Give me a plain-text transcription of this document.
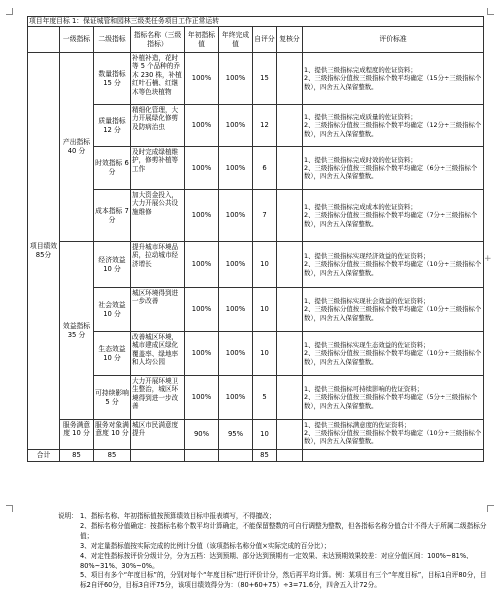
+
项目年度目标 1：保证城管和园林三级类任务项目工作正常运转								
	一级指标	二级指标	指标名称（三级指标）	年初指标值	年终完成值	自评分	复核分	评价标准
项目绩效85分	产出指标 40 分	数量指标 15 分	补植补造，花时等 5 个品种的乔木 230 株，补植红叶石楠、红继木等色块植物	100%	100%	15		1、提供三级指标完成程度的佐证资料；
2、三级指标分值按三级指标个数平均确定（15分÷三级指标个数），四舍五入保留整数。

		质量指标 12 分	精细化管理，大力开展绿化修剪及防病治虫	100%	100%	12		1、提供三级指标完成质量的佐证资料；
2、三级指标分值按三级指标个数平均确定（12分÷三级指标个数），四舍五入保留整数。

		时效指标 6 分	及时完成绿植维护，修剪补植等工作	100%	100%	6		1、提供三级指标完成时效的佐证资料；
2、三级指标分值按三级指标个数平均确定（6分÷三级指标个数），四舍五入保留整数。

		成本指标 7 分	加大资金投入，大力开展公共设施维修	100%	100%	7		1、提供三级指标完成成本的佐证资料；
2、三级指标分值按三级指标个数平均确定（7分÷三级指标个数），四舍五入保留整数。

	效益指标 35 分	经济效益 10 分	提升城市环境品质，拉动城市经济增长	100%	100%	10		1、提供三级指标实现经济效益的佐证资料；
2、三级指标分值按三级指标个数平均确定（10分÷三级指标个数），四舍五入保留整数。

		社会效益 10 分	城区环境得到进一步改善	100%	100%	10		1、提供三级指标实现社会效益的佐证资料；
2、三级指标分值按三级指标个数平均确定（10分÷三级指标个数），四舍五入保留整数。

		生态效益 10 分	改善城区环境，城市建成区绿化覆盖率、绿地率和人均公园	100%	100%	10		1、提供三级指标实现生态效益的佐证资料；
2、三级指标分值按三级指标个数平均确定（10分÷三级指标个数），四舍五入保留整数。

		可持续影响 5 分	大力开展环境卫生整治，城区环境得到进一步改善	100%	100%	5		1、提供三级指标可持续影响的佐证资料；
2、三级指标分值按三级指标个数平均确定（5分÷三级指标个数），四舍五入保留整数。

	服务满意度 10 分	服务对象满意度 10 分	城区市民满意度提升	90%	95%	10		1、提供三级指标满意度的佐证资料；
2、三级指标分值按三级指标个数平均确定（10分÷三级指标个数），四舍五入保留整数。

合计	85	85				85		
说明： 1、指标名称、年初指标值按预算绩效目标申报表填写，不得擅改；
2、指标名称分值确定：按指标名称个数平均计算确定，不能保留整数的可自行调整为整数，但各指标名称分值合计不得大于所属二级指标分值；
3、对定量指标值按实际完成的比例计分值（该项指标名称分值×实际完成的百分比）；
4、对定性指标按评价分级计分，分为五档：达到预期、部分达到预期有一定效果、未达预期效果较差：对应分值区间：100%~81%、80%~31%、30%~0%。
5、项目有多个“年度目标”的，分别对每个“年度目标”进行评价计分，然后再平均计算。例：某项目有三个“年度目标”，目标1自评80分，目标2自评60分，目标3自评75分，该项目绩效得分为：（80+60+75）÷3=71.6分，四舍五入计72分。
